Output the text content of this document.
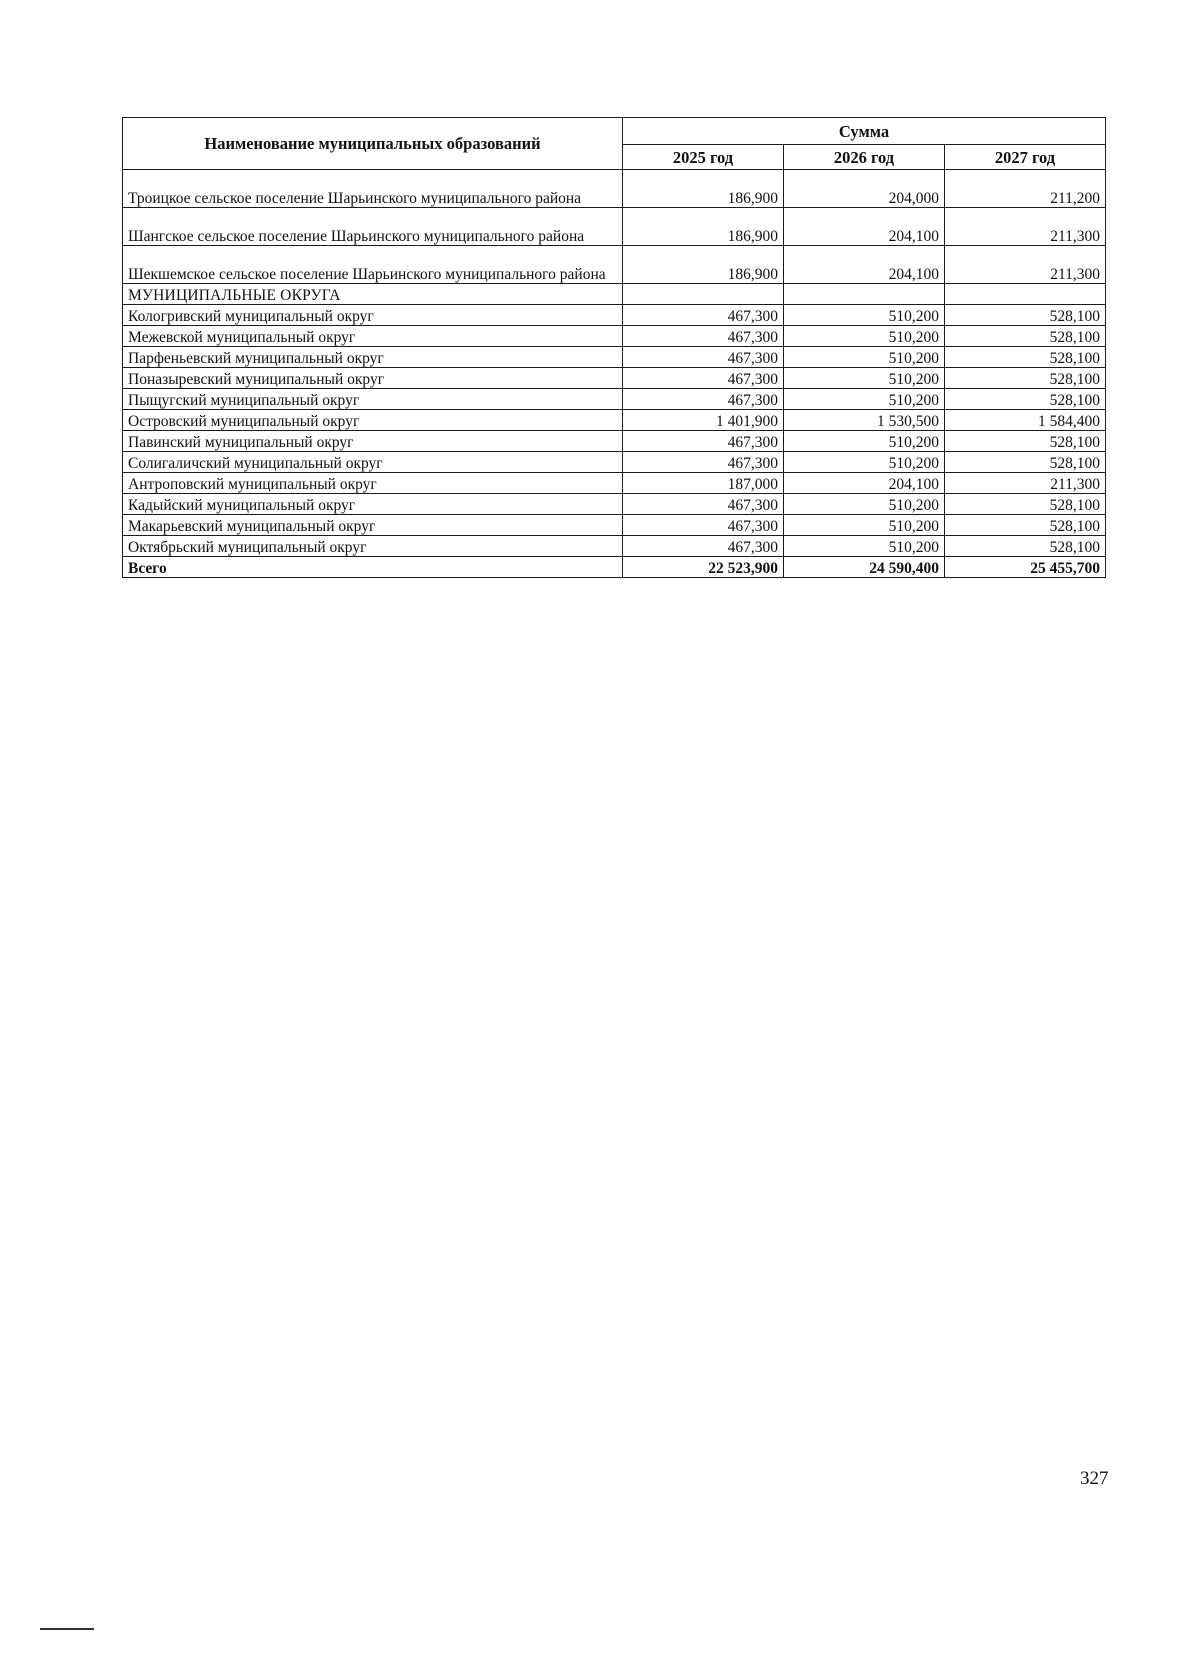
Наименование муниципальных образований	Сумма		
	2025 год	2026 год	2027 год
Троицкое сельское поселение Шарьинского муниципального района	186,900	204,000	211,200
Шангское сельское поселение Шарьинского муниципального района	186,900	204,100	211,300
Шекшемское сельское поселение Шарьинского муниципального района	186,900	204,100	211,300
МУНИЦИПАЛЬНЫЕ ОКРУГА			
Кологривский муниципальный округ	467,300	510,200	528,100
Межевской муниципальный округ	467,300	510,200	528,100
Парфеньевский муниципальный округ	467,300	510,200	528,100
Поназыревский муниципальный округ	467,300	510,200	528,100
Пыщугский муниципальный округ	467,300	510,200	528,100
Островский муниципальный округ	1 401,900	1 530,500	1 584,400
Павинский муниципальный округ	467,300	510,200	528,100
Солигаличский муниципальный округ	467,300	510,200	528,100
Антроповский муниципальный округ	187,000	204,100	211,300
Кадыйский муниципальный округ	467,300	510,200	528,100
Макарьевский муниципальный округ	467,300	510,200	528,100
Октябрьский муниципальный округ	467,300	510,200	528,100
Всего	22 523,900	24 590,400	25 455,700
327
